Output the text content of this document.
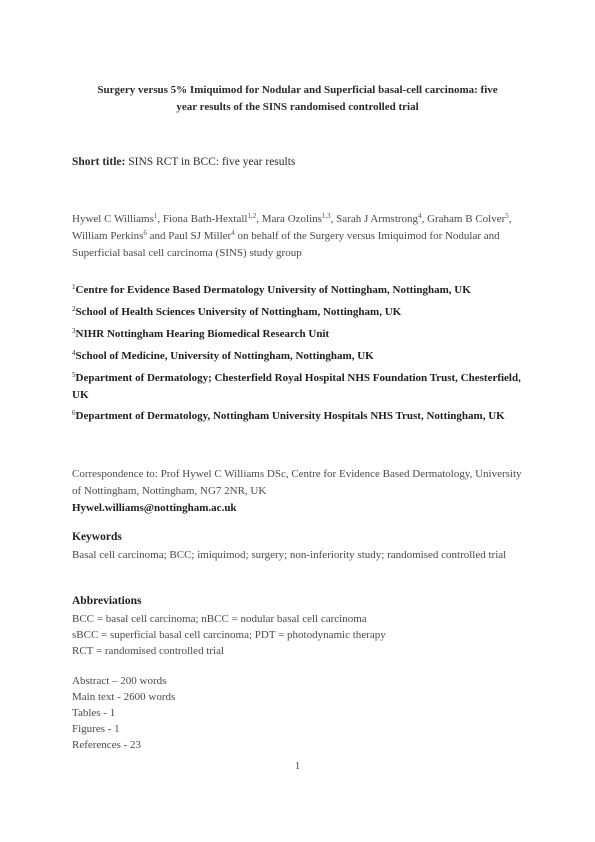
Surgery versus 5% Imiquimod for Nodular and Superficial basal-cell carcinoma: five
year results of the SINS randomised controlled trial
Short title: SINS RCT in BCC: five year results
Hywel C Williams$^1$, Fiona Bath-Hextall$^{1,2}$, Mara Ozolins$^{1,3}$, Sarah J Armstrong$^4$, Graham B Colver$^5$, William Perkins$^6$ and Paul SJ Miller$^4$ on behalf of the Surgery versus Imiquimod for Nodular and Superficial basal cell carcinoma (SINS) study group
$^1$Centre for Evidence Based Dermatology University of Nottingham, Nottingham, UK
$^2$School of Health Sciences University of Nottingham, Nottingham, UK
$^3$NIHR Nottingham Hearing Biomedical Research Unit
$^4$School of Medicine, University of Nottingham, Nottingham, UK
$^5$Department of Dermatology; Chesterfield Royal Hospital NHS Foundation Trust, Chesterfield, UK
$^6$Department of Dermatology, Nottingham University Hospitals NHS Trust, Nottingham, UK
Correspondence to: Prof Hywel C Williams DSc, Centre for Evidence Based Dermatology, University of Nottingham, Nottingham, NG7 2NR, UK
Hywel.williams@nottingham.ac.uk
Keywords
Basal cell carcinoma; BCC; imiquimod; surgery; non-inferiority study; randomised controlled trial
Abbreviations
BCC = basal cell carcinoma; nBCC = nodular basal cell carcinoma
sBCC = superficial basal cell carcinoma; PDT = photodynamic therapy
RCT = randomised controlled trial
Abstract – 200 words
Main text - 2600 words
Tables - 1
Figures - 1
References - 23
1
